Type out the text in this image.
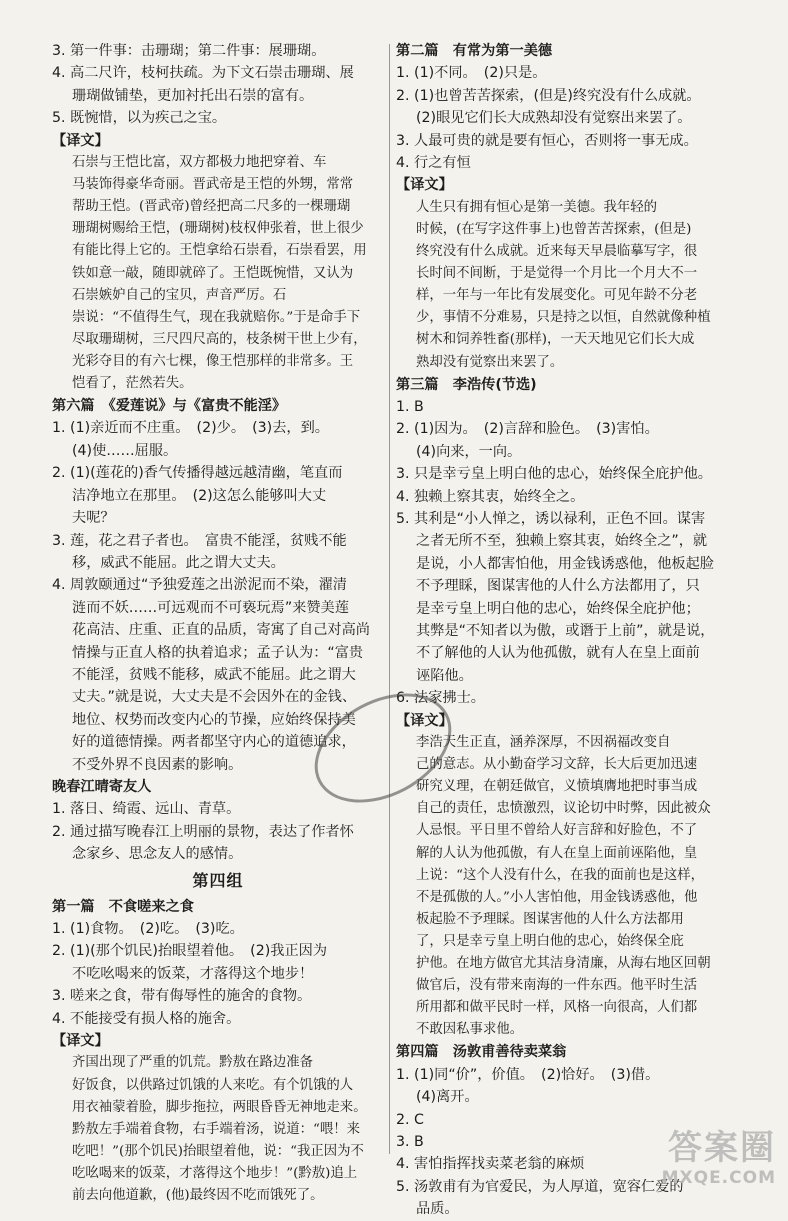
3. 第一件事：击珊瑚；第二件事：展珊瑚。

4. 高二尺许，枝柯扶疏。为下文石崇击珊瑚、展

珊瑚做铺垫，更加衬托出石崇的富有。

5. 既惋惜，以为疾己之宝。

【译文】

石崇与王恺比富，双方都极力地把穿着、车

马装饰得豪华奇丽。晋武帝是王恺的外甥，常常

帮助王恺。(晋武帝)曾经把高二尺多的一棵珊瑚

珊瑚树赐给王恺，(珊瑚树)枝权伸张着，世上很少

有能比得上它的。王恺拿给石崇看，石崇看罢，用

铁如意一敲，随即就碎了。王恺既惋惜，又认为

石崇嫉妒自己的宝贝，声音严厉。石

崇说：“不值得生气，现在我就赔你。”于是命手下

尽取珊瑚树，三尺四尺高的，枝条树干世上少有，

光彩夺目的有六七棵，像王恺那样的非常多。王

恺看了，茫然若失。

第六篇　《爱莲说》与《富贵不能淫》

1. (1)亲近而不庄重。　(2)少。　(3)去，到。

(4)使……屈服。

2. (1)(莲花的)香气传播得越远越清幽，笔直而

洁净地立在那里。　(2)这怎么能够叫大丈

夫呢？

3. 莲，花之君子者也。　富贵不能淫，贫贱不能

移，威武不能屈。此之谓大丈夫。

4. 周敦颐通过“予独爱莲之出淤泥而不染，濯清

涟而不妖……可远观而不可亵玩焉”来赞美莲

花高洁、庄重、正直的品质，寄寓了自己对高尚

情操与正直人格的执着追求；孟子认为：“富贵

不能淫，贫贱不能移，威武不能屈。此之谓大

丈夫。”就是说，大丈夫是不会因外在的金钱、

地位、权势而改变内心的节操，应始终保持美

好的道德情操。两者都坚守内心的道德追求，

不受外界不良因素的影响。

晚春江晴寄友人

1. 落日、绮霞、远山、青草。

2. 通过描写晚春江上明丽的景物，表达了作者怀

念家乡、思念友人的感情。

第四组

第一篇　不食嗟来之食

1. (1)食物。　(2)吃。　(3)吃。

2. (1)(那个饥民)抬眼望着他。　(2)我正因为

不吃吆喝来的饭菜，才落得这个地步！

3. 嗟来之食，带有侮辱性的施舍的食物。

4. 不能接受有损人格的施舍。

【译文】

齐国出现了严重的饥荒。黔敖在路边准备

好饭食，以供路过饥饿的人来吃。有个饥饿的人

用衣袖蒙着脸，脚步拖拉，两眼昏昏无神地走来。

黔敖左手端着食物，右手端着汤，说道：“喂！来

吃吧！”(那个饥民)抬眼望着他，说：“我正因为不

吃吆喝来的饭菜，才落得这个地步！”(黔敖)追上

前去向他道歉，(他)最终因不吃而饿死了。

第二篇　有常为第一美德

1. (1)不同。　(2)只是。

2. (1)也曾苦苦探索，(但是)终究没有什么成就。

(2)眼见它们长大成熟却没有觉察出来罢了。

3. 人最可贵的就是要有恒心，否则将一事无成。

4. 行之有恒

【译文】

人生只有拥有恒心是第一美德。我年轻的

时候，(在写字这件事上)也曾苦苦探索，(但是)

终究没有什么成就。近来每天早晨临摹写字，很

长时间不间断，于是觉得一个月比一个月大不一

样，一年与一年比有发展变化。可见年龄不分老

少，事情不分难易，只是持之以恒，自然就像种植

树木和饲养牲畜(那样)，一天天地见它们长大成

熟却没有觉察出来罢了。

第三篇　李浩传(节选)

1. B

2. (1)因为。　(2)言辞和脸色。　(3)害怕。

(4)向来，一向。

3. 只是幸亏皇上明白他的忠心，始终保全庇护他。

4. 独赖上察其衷，始终全之。

5. 其利是“小人惮之，诱以禄利，正色不回。谋害

之者无所不至，独赖上察其衷，始终全之”，就

是说，小人都害怕他，用金钱诱惑他，他板起脸

不予理睬，图谋害他的人什么方法都用了，只

是幸亏皇上明白他的忠心，始终保全庇护他；

其弊是“不知者以为傲，或谮于上前”，就是说，

不了解他的人认为他孤傲，就有人在皇上面前

诬陷他。

6. 法家拂士。

【译文】

李浩天生正直，涵养深厚，不因祸福改变自

己的意志。从小勤奋学习文辞，长大后更加迅速

研究义理，在朝廷做官，义愤填膺地把时事当成

自己的责任，忠愤激烈，议论切中时弊，因此被众

人忌恨。平日里不曾给人好言辞和好脸色，不了

解的人认为他孤傲，有人在皇上面前诬陷他，皇

上说：“这个人没有什么，在我的面前也是这样，

不是孤傲的人。”小人害怕他，用金钱诱惑他，他

板起脸不予理睬。图谋害他的人什么方法都用

了，只是幸亏皇上明白他的忠心，始终保全庇

护他。在地方做官尤其洁身清廉，从海右地区回朝

做官后，没有带来南海的一件东西。他平时生活

所用都和做平民时一样，风格一向很高，人们都

不敢因私事求他。

第四篇　汤敦甫善待卖菜翁

1. (1)同“价”，价值。　(2)恰好。　(3)借。

(4)离开。

2. C

3. B

4. 害怕指挥找卖菜老翁的麻烦

5. 汤敦甫有为官爱民，为人厚道，宽容仁爱的

品质。

答案圈
MXQE.COM
